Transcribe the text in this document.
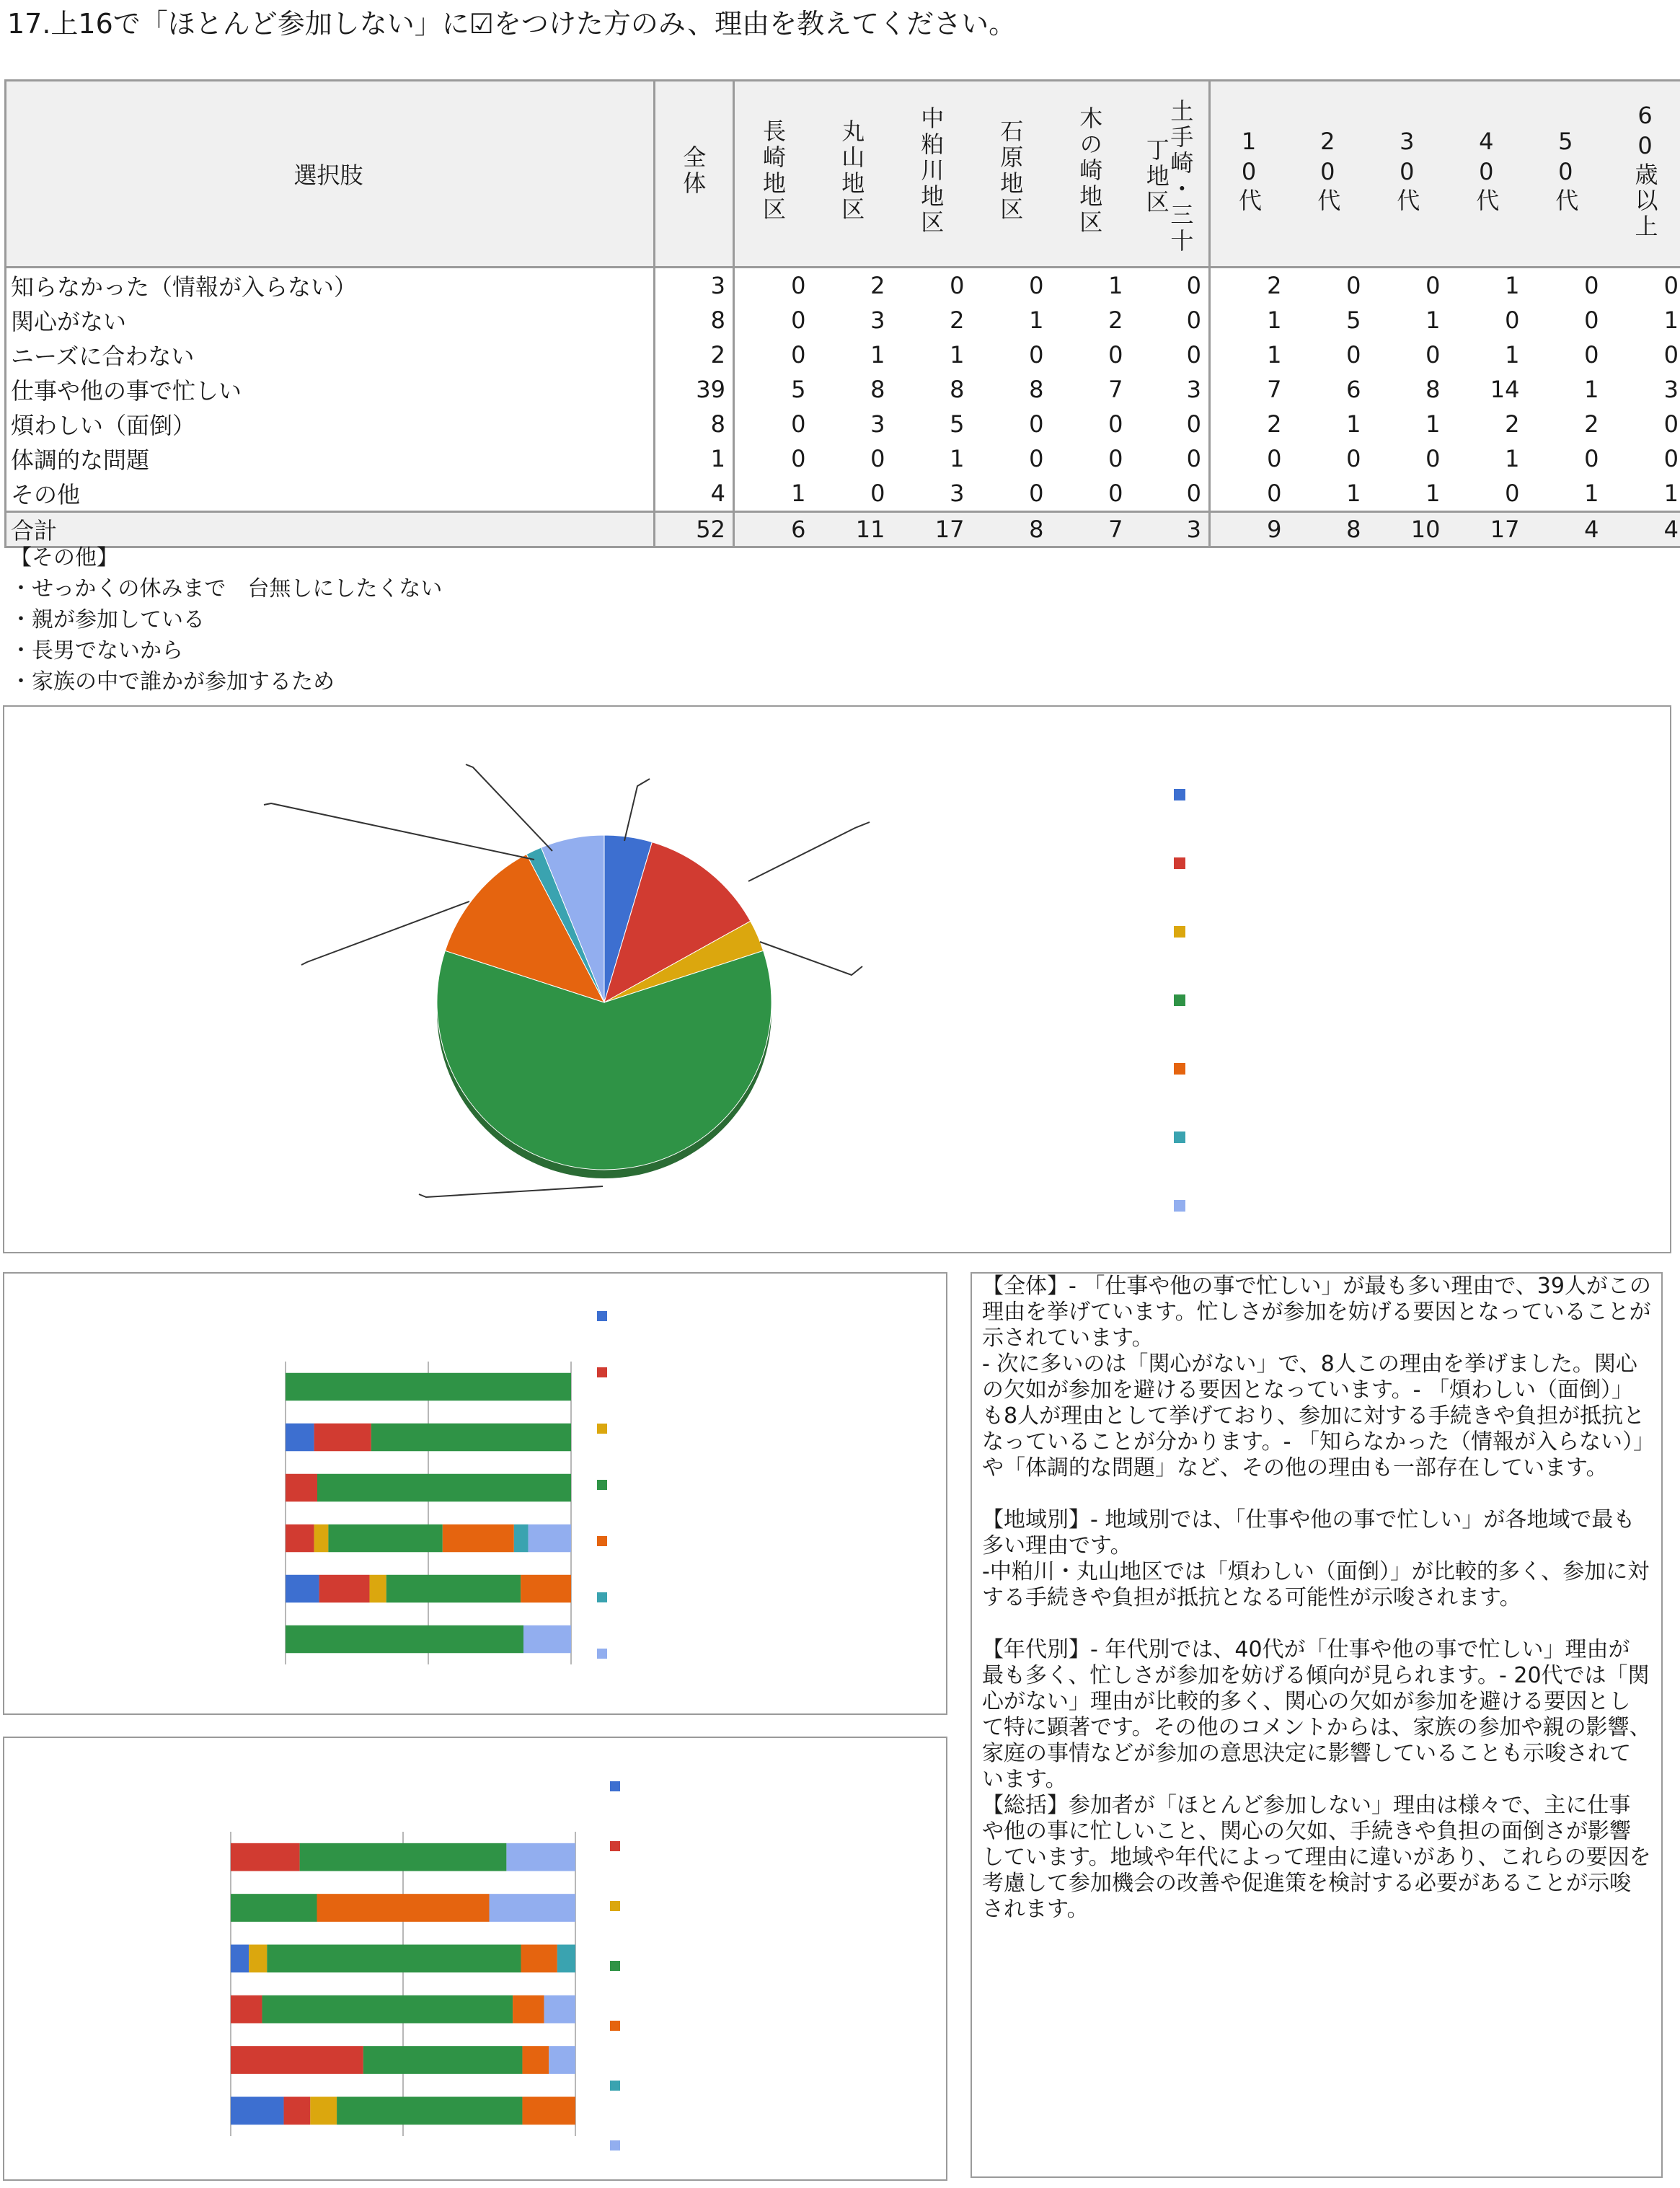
17.上16で「ほとんど参加しない」に☑をつけた方のみ、理由を教えてください。
選択肢	全体	長崎地区	丸山地区	中粕川地区	石原地区	木の崎地区	土手崎・三十丁地区	10代	20代	30代	40代	50代	60歳以上
知らなかった（情報が入らない）	3	0	2	0	0	1	0	2	0	0	1	0	0
関心がない	8	0	3	2	1	2	0	1	5	1	0	0	1
ニーズに合わない	2	0	1	1	0	0	0	1	0	0	1	0	0
仕事や他の事で忙しい	39	5	8	8	8	7	3	7	6	8	14	1	3
煩わしい（面倒）	8	0	3	5	0	0	0	2	1	1	2	2	0
体調的な問題	1	0	0	1	0	0	0	0	0	0	1	0	0
その他	4	1	0	3	0	0	0	0	1	1	0	1	1
合計	52	6	11	17	8	7	3	9	8	10	17	4	4
【その他】
・せっかくの休みまで　台無しにしたくない
・親が参加している
・長男でないから
・家族の中で誰かが参加するため
【全体】- 「仕事や他の事で忙しい」が最も多い理由で、39人がこの理由を挙げています。忙しさが参加を妨げる要因となっていることが示されています。
- 次に多いのは「関心がない」で、8人この理由を挙げました。関心の欠如が参加を避ける要因となっています。- 「煩わしい（面倒）」も8人が理由として挙げており、参加に対する手続きや負担が抵抗となっていることが分かります。- 「知らなかった（情報が入らない）」や「体調的な問題」など、その他の理由も一部存在しています。

【地域別】- 地域別では、「仕事や他の事で忙しい」が各地域で最も多い理由です。
-中粕川・丸山地区では「煩わしい（面倒）」が比較的多く、参加に対する手続きや負担が抵抗となる可能性が示唆されます。

【年代別】- 年代別では、40代が「仕事や他の事で忙しい」理由が最も多く、忙しさが参加を妨げる傾向が見られます。- 20代では「関心がない」理由が比較的多く、関心の欠如が参加を避ける要因として特に顕著です。その他のコメントからは、家族の参加や親の影響、家庭の事情などが参加の意思決定に影響していることも示唆されています。
【総括】参加者が「ほとんど参加しない」理由は様々で、主に仕事や他の事に忙しいこと、関心の欠如、手続きや負担の面倒さが影響しています。地域や年代によって理由に違いがあり、これらの要因を考慮して参加機会の改善や促進策を検討する必要があることが示唆されます。
